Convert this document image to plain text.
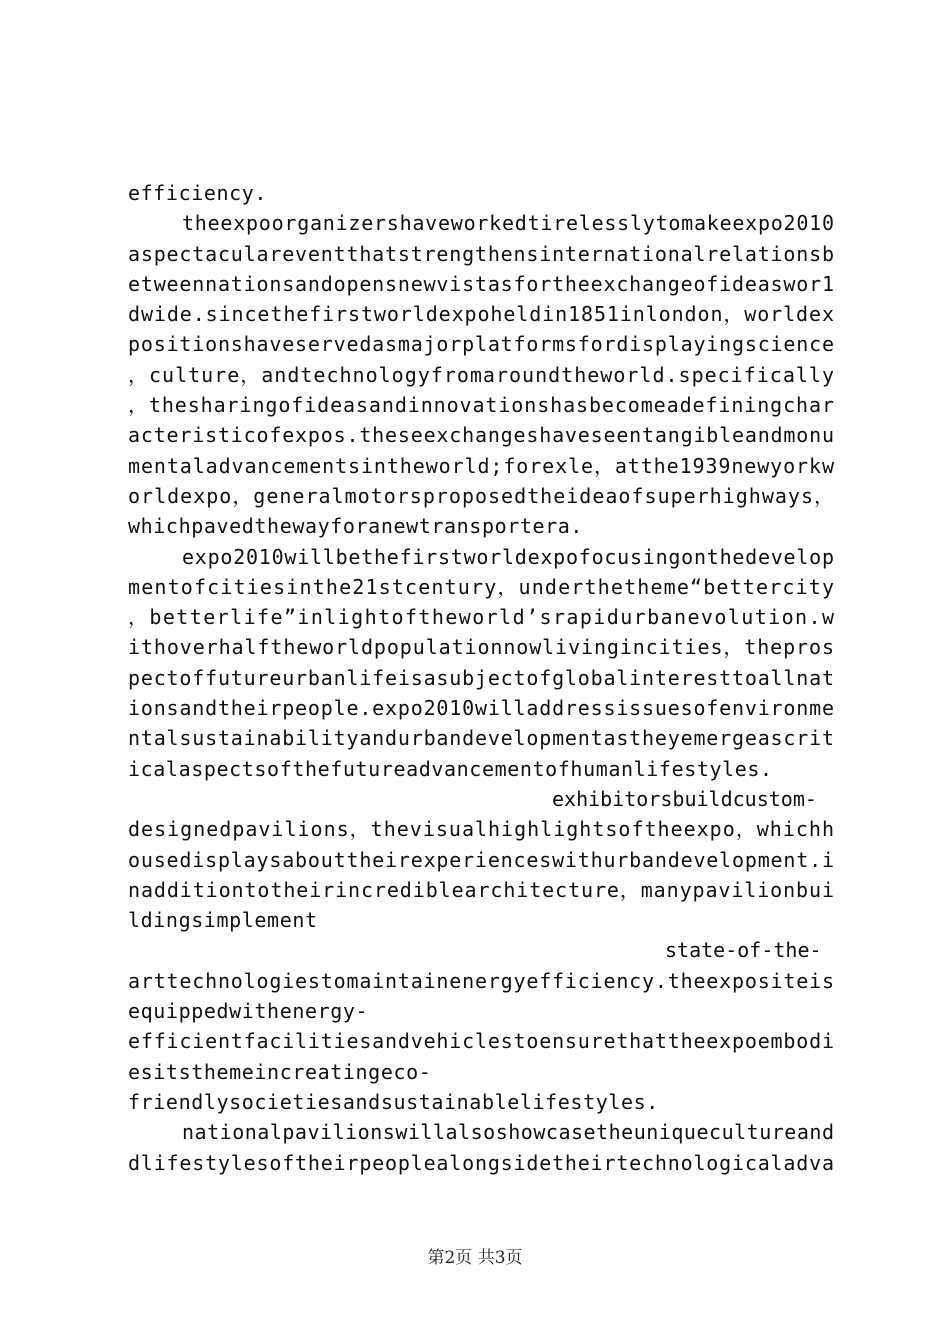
efficiency.
theexpoorganizershaveworkedtirelesslytomakeexpo2010
aspectaculareventthatstrengthensinternationalrelationsb
etweennationsandopensnewvistasfortheexchangeofideaswor1
dwide.sincethefirstworldexpoheldin1851inlondon，worldex
positionshaveservedasmajorplatformsfordisplayingscience
，culture，andtechnologyfromaroundtheworld.specifically
，thesharingofideasandinnovationshasbecomeadefiningchar
acteristicofexpos.theseexchangeshaveseentangibleandmonu
mentaladvancementsintheworld;forexle，atthe1939newyorkw
orldexpo，generalmotorsproposedtheideaofsuperhighways，
whichpavedthewayforanewtransportera.
expo2010willbethefirstworldexpofocusingonthedevelop
mentofcitiesinthe21stcentury，underthetheme“bettercity
，betterlife”inlightoftheworld’srapidurbanevolution.w
ithoverhalftheworldpopulationnowlivingincities，thepros
pectoffutureurbanlifeisasubjectofglobalinteresttoallnat
ionsandtheirpeople.expo2010willaddressissuesofenvironme
ntalsustainabilityandurbandevelopmentastheyemergeascrit
icalaspectsofthefutureadvancementofhumanlifestyles.
exhibitorsbuildcustom-
designedpavilions，thevisualhighlightsoftheexpo，whichh
ousedisplaysabouttheirexperienceswithurbandevelopment.i
nadditiontotheirincrediblearchitecture，manypavilionbui
ldingsimplement
state-of-the-
arttechnologiestomaintainenergyefficiency.theexpositeis
equippedwithenergy-
efficientfacilitiesandvehiclestoensurethattheexpoembodi
esitsthemeincreatingeco-
friendlysocietiesandsustainablelifestyles.
nationalpavilionswillalsoshowcasetheuniquecultureand
dlifestylesoftheirpeoplealongsidetheirtechnologicaladva
第2页 共3页
